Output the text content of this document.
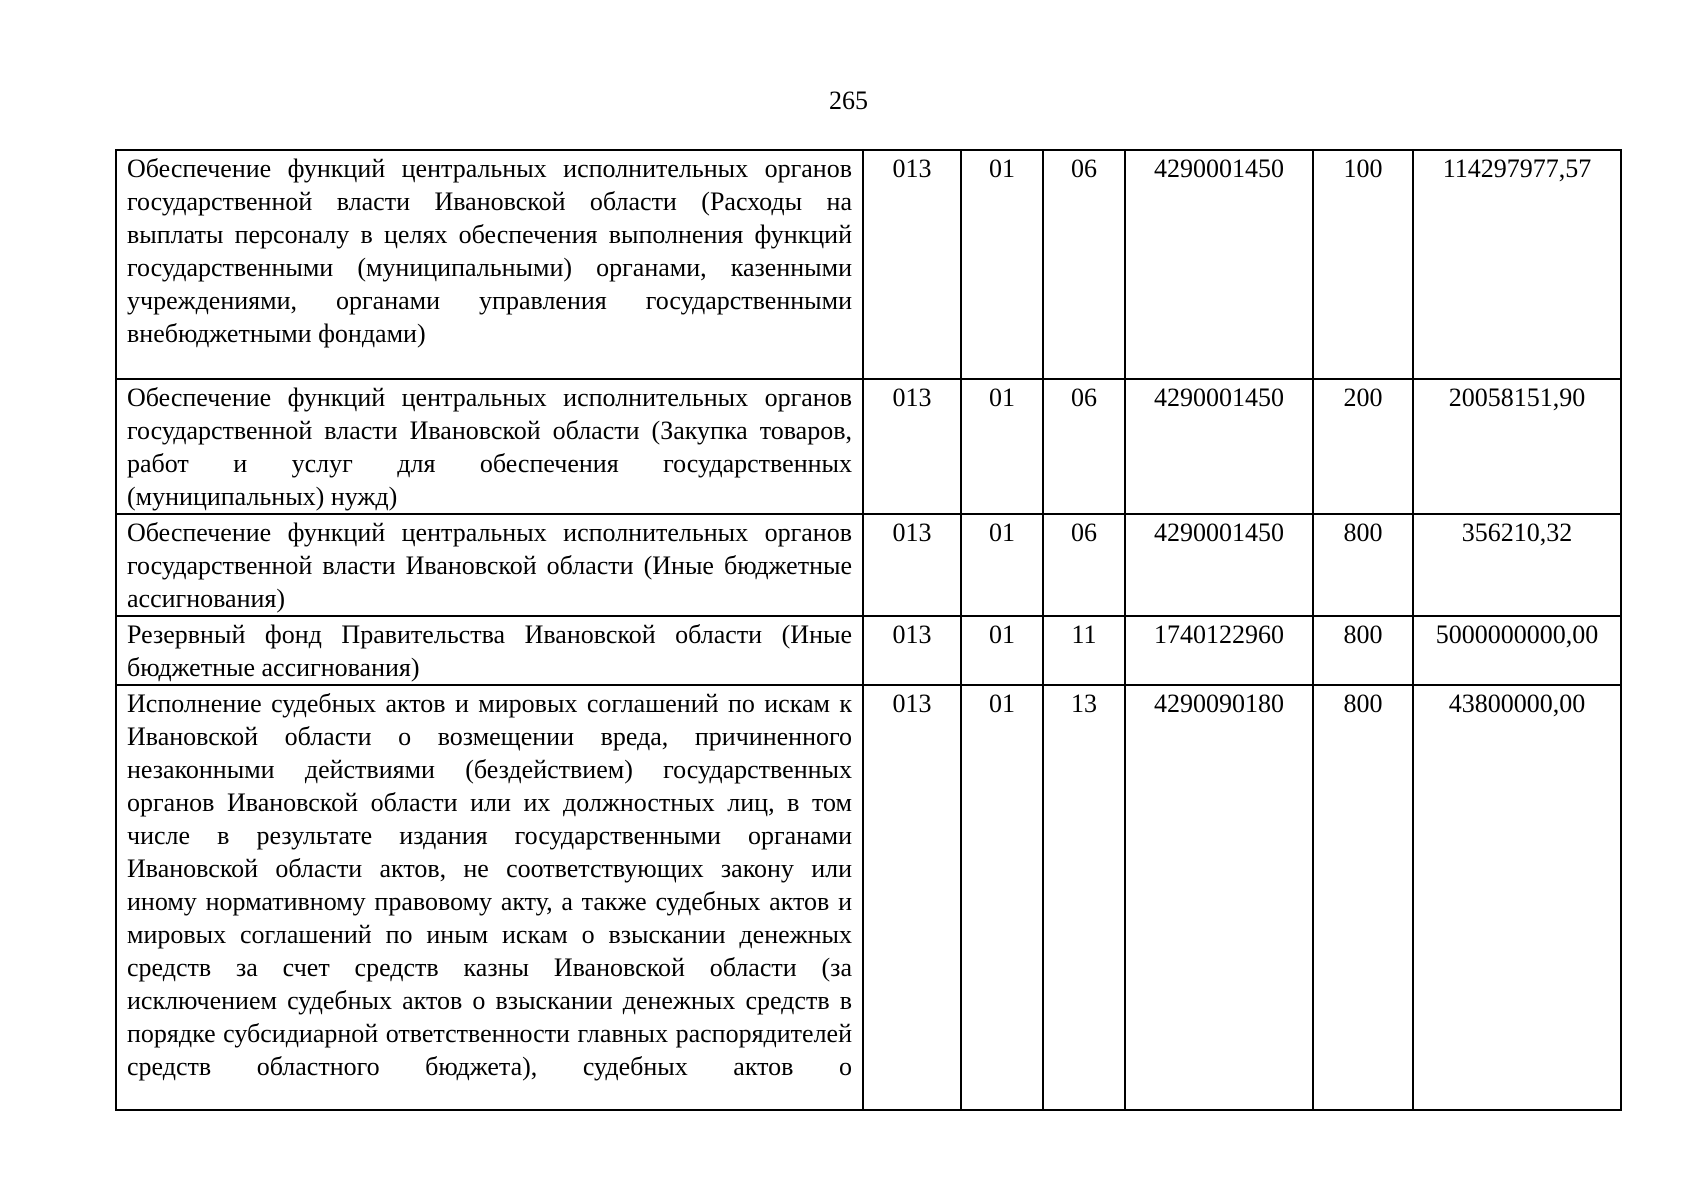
265
Обеспечение функций центральных исполнительных органов государственной власти Ивановской области (Расходы на выплаты персоналу в целях обеспечения выполнения функций государственными (муниципальными) органами, казенными учреждениями, органами управления государственными внебюджетными фондами)	013	01	06	4290001450	100	114297977,57
Обеспечение функций центральных исполнительных органов государственной власти Ивановской области (Закупка товаров, работ и услуг для обеспечения государственных (муниципальных) нужд)	013	01	06	4290001450	200	20058151,90
Обеспечение функций центральных исполнительных органов государственной власти Ивановской области (Иные бюджетные ассигнования)	013	01	06	4290001450	800	356210,32
Резервный фонд Правительства Ивановской области (Иные бюджетные ассигнования)	013	01	11	1740122960	800	5000000000,00
Исполнение судебных актов и мировых соглашений по искам к Ивановской области о возмещении вреда, причиненного незаконными действиями (бездействием) государственных органов Ивановской области или их должностных лиц, в том числе в результате издания государственными органами Ивановской области актов, не соответствующих закону или иному нормативному правовому акту, а также судебных актов и мировых соглашений по иным искам о взыскании денежных средств за счет средств казны Ивановской области (за исключением судебных актов о взыскании денежных средств в порядке субсидиарной ответственности главных распорядителей средств областного бюджета), судебных актов о	013	01	13	4290090180	800	43800000,00
